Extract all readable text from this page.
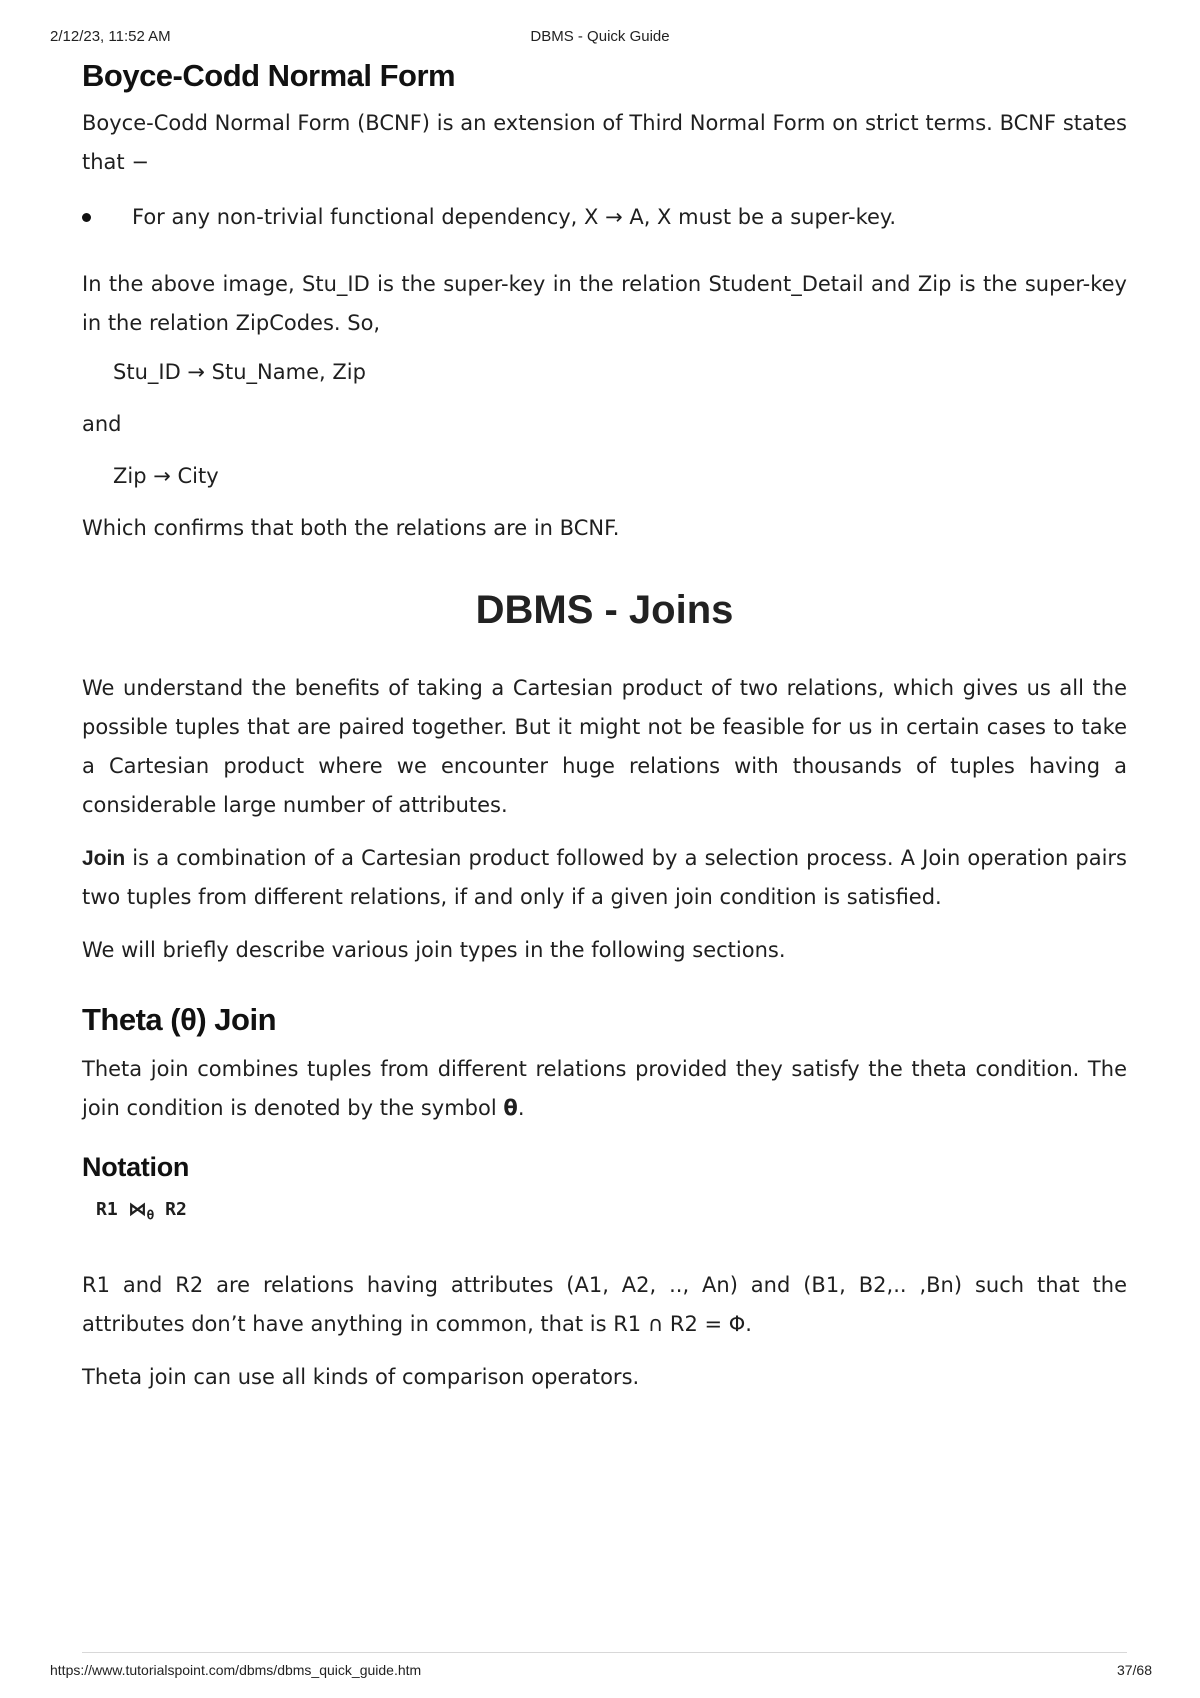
2/12/23, 11:52 AM	DBMS - Quick Guide
Boyce-Codd Normal Form

Boyce-Codd Normal Form (BCNF) is an extension of Third Normal Form on strict terms. BCNF states that −

For any non-trivial functional dependency, X → A, X must be a super-key.

In the above image, Stu_ID is the super-key in the relation Student_Detail and Zip is the super-key in the relation ZipCodes. So,

Stu_ID → Stu_Name, Zip

and

Zip → City

Which confirms that both the relations are in BCNF.

DBMS - Joins

We understand the benefits of taking a Cartesian product of two relations, which gives us all the possible tuples that are paired together. But it might not be feasible for us in certain cases to take a Cartesian product where we encounter huge relations with thousands of tuples having a considerable large number of attributes.

Join is a combination of a Cartesian product followed by a selection process. A Join operation pairs two tuples from different relations, if and only if a given join condition is satisfied.

We will briefly describe various join types in the following sections.

Theta (θ) Join

Theta join combines tuples from different relations provided they satisfy the theta condition. The join condition is denoted by the symbol θ.

Notation

R1 $⋈_\theta$ R2

R1 and R2 are relations having attributes (A1, A2, .., An) and (B1, B2,.. ,Bn) such that the attributes don’t have anything in common, that is R1 ∩ R2 = Φ.

Theta join can use all kinds of comparison operators.

https://www.tutorialspoint.com/dbms/dbms_quick_guide.htm	37/68
